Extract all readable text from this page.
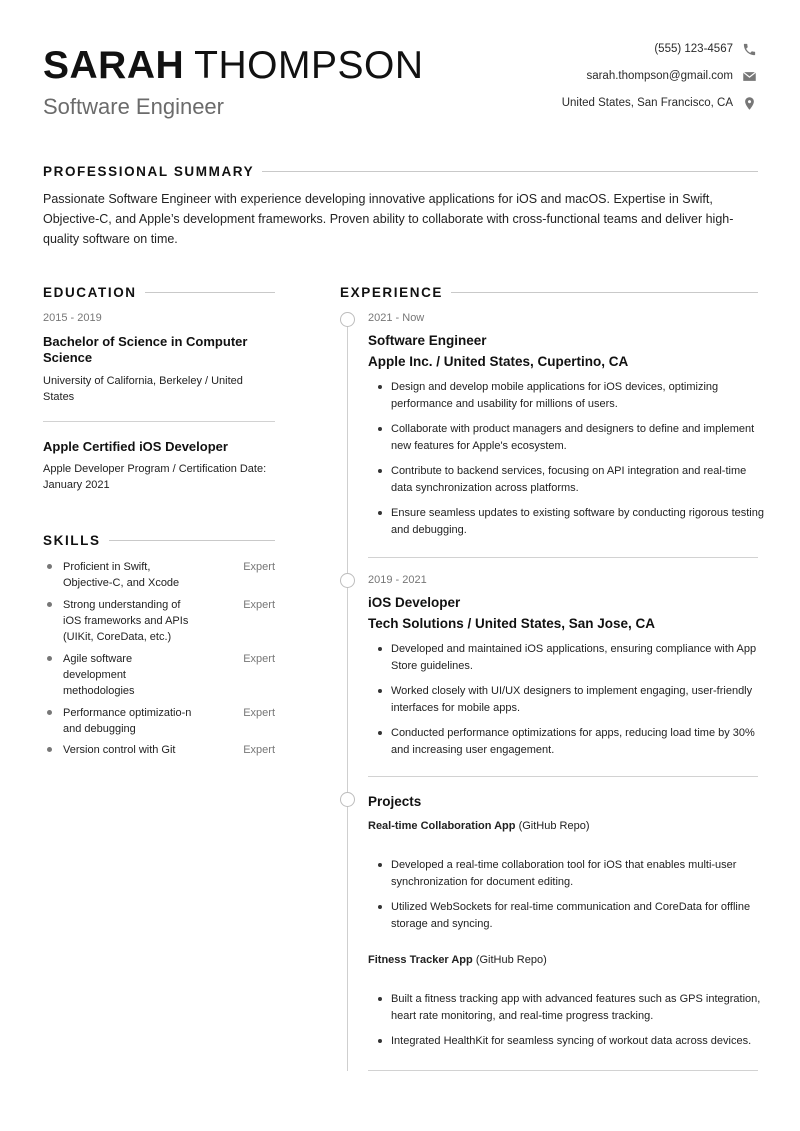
SARAH THOMPSON
Software Engineer
(555) 123-4567
sarah.thompson@gmail.com
United States, San Francisco, CA
PROFESSIONAL SUMMARY
Passionate Software Engineer with experience developing innovative applications for iOS and macOS. Expertise in Swift, Objective-C, and Apple’s development frameworks. Proven ability to collaborate with cross-functional teams and deliver high-quality software on time.
EDUCATION
2015 - 2019
Bachelor of Science in Computer Science
University of California, Berkeley / United States
Apple Certified iOS Developer
Apple Developer Program / Certification Date: January 2021
SKILLS
Proficient in Swift, Objective-C, and Xcode
Expert
Strong understanding of iOS frameworks and APIs (UIKit, CoreData, etc.)
Expert
Agile software development methodologies
Expert
Performance optimizatio-n and debugging
Expert
Version control with Git	Expert
EXPERIENCE
2021 - Now
Software Engineer
Apple Inc. / United States, Cupertino, CA
Design and develop mobile applications for iOS devices, optimizing performance and usability for millions of users.
Collaborate with product managers and designers to define and implement new features for Apple's ecosystem.
Contribute to backend services, focusing on API integration and real-time data synchronization across platforms.
Ensure seamless updates to existing software by conducting rigorous testing and debugging.
2019 - 2021
iOS Developer
Tech Solutions / United States, San Jose, CA
Developed and maintained iOS applications, ensuring compliance with App Store guidelines.
Worked closely with UI/UX designers to implement engaging, user-friendly interfaces for mobile apps.
Conducted performance optimizations for apps, reducing load time by 30% and increasing user engagement.
Projects
Real-time Collaboration App (GitHub Repo)
Developed a real-time collaboration tool for iOS that enables multi-user synchronization for document editing.
Utilized WebSockets for real-time communication and CoreData for offline storage and syncing.
Fitness Tracker App (GitHub Repo)
Built a fitness tracking app with advanced features such as GPS integration, heart rate monitoring, and real-time progress tracking.
Integrated HealthKit for seamless syncing of workout data across devices.
